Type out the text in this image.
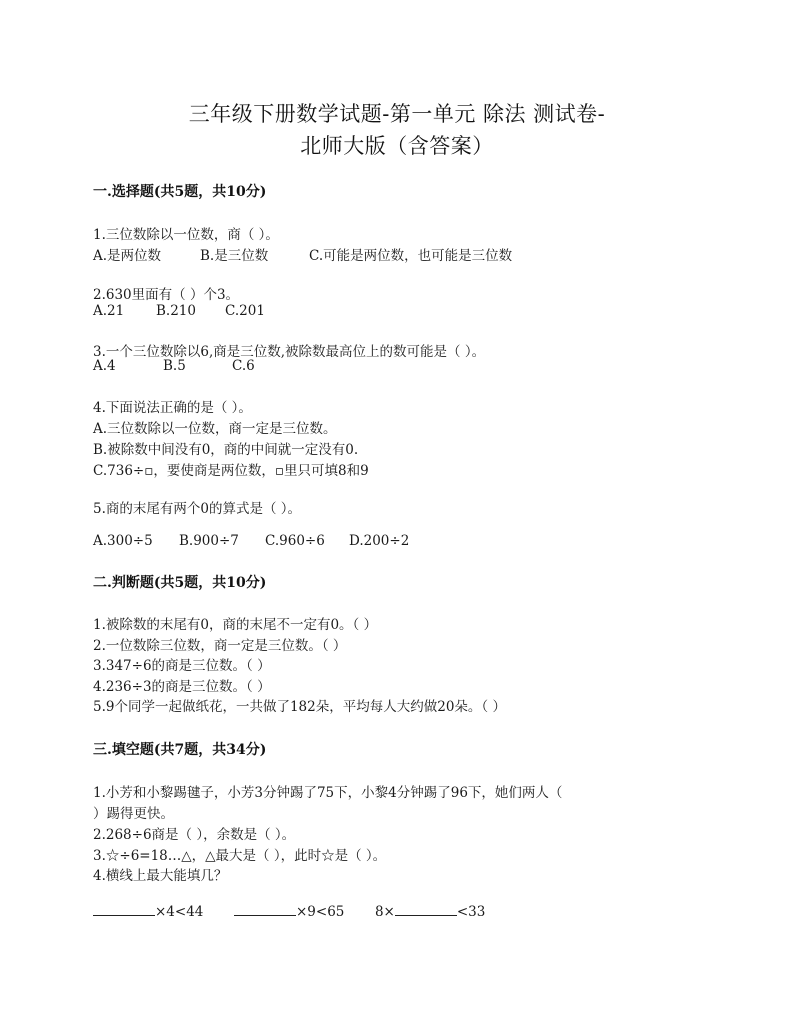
三年级下册数学试题-第一单元 除法 测试卷-
北师大版（含答案）
一.选择题(共5题，共10分)
1.三位数除以一位数，商（ ）。
A.是两位数	B.是三位数	C.可能是两位数，也可能是三位数
2.630里面有（ ）个3。
A.21 B.210 C.201
3.一个三位数除以6,商是三位数,被除数最高位上的数可能是（ ）。
A.4	B.5	C.6
4.下面说法正确的是（ ）。
A.三位数除以一位数，商一定是三位数。
B.被除数中间没有0，商的中间就一定没有0.
C.736÷▫，要使商是两位数，▫里只可填8和9
5.商的末尾有两个0的算式是（ ）。
A.300÷5 B.900÷7 C.960÷6 D.200÷2
二.判断题(共5题，共10分)
1.被除数的末尾有0，商的末尾不一定有0。（ ）
2.一位数除三位数，商一定是三位数。（ ）
3.347÷6的商是三位数。（ ）
4.236÷3的商是三位数。（ ）
5.9个同学一起做纸花，一共做了182朵，平均每人大约做20朵。（ ）
三.填空题(共7题，共34分)
1.小芳和小黎踢毽子，小芳3分钟踢了75下，小黎4分钟踢了96下，她们两人（
）踢得更快。
2.268÷6商是（ ），余数是（ ）。
3.☆÷6=18…△，△最大是（ ），此时☆是（ ）。
4.横线上最大能填几？
×4<44	×9<65 8×	<33
